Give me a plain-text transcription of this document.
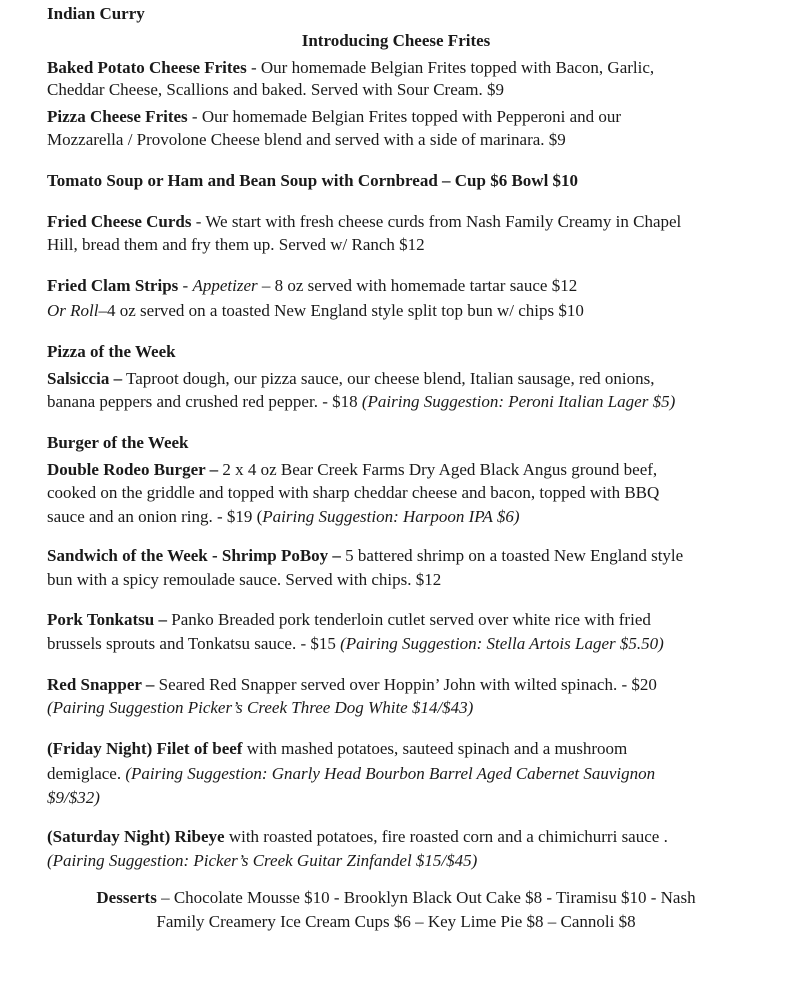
Indian Curry
Introducing Cheese Frites
Baked Potato Cheese Frites - Our homemade Belgian Frites topped with Bacon, Garlic,
Cheddar Cheese, Scallions and baked. Served with Sour Cream. $9
Pizza Cheese Frites - Our homemade Belgian Frites topped with Pepperoni and our
Mozzarella / Provolone Cheese blend and served with a side of marinara. $9
Tomato Soup or Ham and Bean Soup with Cornbread – Cup $6 Bowl $10
Fried Cheese Curds - We start with fresh cheese curds from Nash Family Creamy in Chapel
Hill, bread them and fry them up. Served w/ Ranch $12
Fried Clam Strips - Appetizer – 8 oz served with homemade tartar sauce $12
Or Roll–4 oz served on a toasted New England style split top bun w/ chips $10
Pizza of the Week
Salsiccia – Taproot dough, our pizza sauce, our cheese blend, Italian sausage, red onions,
banana peppers and crushed red pepper. - $18 (Pairing Suggestion: Peroni Italian Lager $5)
Burger of the Week
Double Rodeo Burger – 2 x 4 oz Bear Creek Farms Dry Aged Black Angus ground beef,
cooked on the griddle and topped with sharp cheddar cheese and bacon, topped with BBQ
sauce and an onion ring. - $19 (Pairing Suggestion: Harpoon IPA $6)
Sandwich of the Week - Shrimp PoBoy – 5 battered shrimp on a toasted New England style
bun with a spicy remoulade sauce. Served with chips. $12
Pork Tonkatsu – Panko Breaded pork tenderloin cutlet served over white rice with fried
brussels sprouts and Tonkatsu sauce. - $15 (Pairing Suggestion: Stella Artois Lager $5.50)
Red Snapper – Seared Red Snapper served over Hoppin’ John with wilted spinach. - $20
(Pairing Suggestion Picker’s Creek Three Dog White $14/$43)
(Friday Night) Filet of beef with mashed potatoes, sauteed spinach and a mushroom
demiglace. (Pairing Suggestion: Gnarly Head Bourbon Barrel Aged Cabernet Sauvignon
$9/$32)
(Saturday Night) Ribeye with roasted potatoes, fire roasted corn and a chimichurri sauce .
(Pairing Suggestion: Picker’s Creek Guitar Zinfandel $15/$45)
Desserts – Chocolate Mousse $10 - Brooklyn Black Out Cake $8 - Tiramisu $10 - Nash
Family Creamery Ice Cream Cups $6 – Key Lime Pie $8 – Cannoli $8
